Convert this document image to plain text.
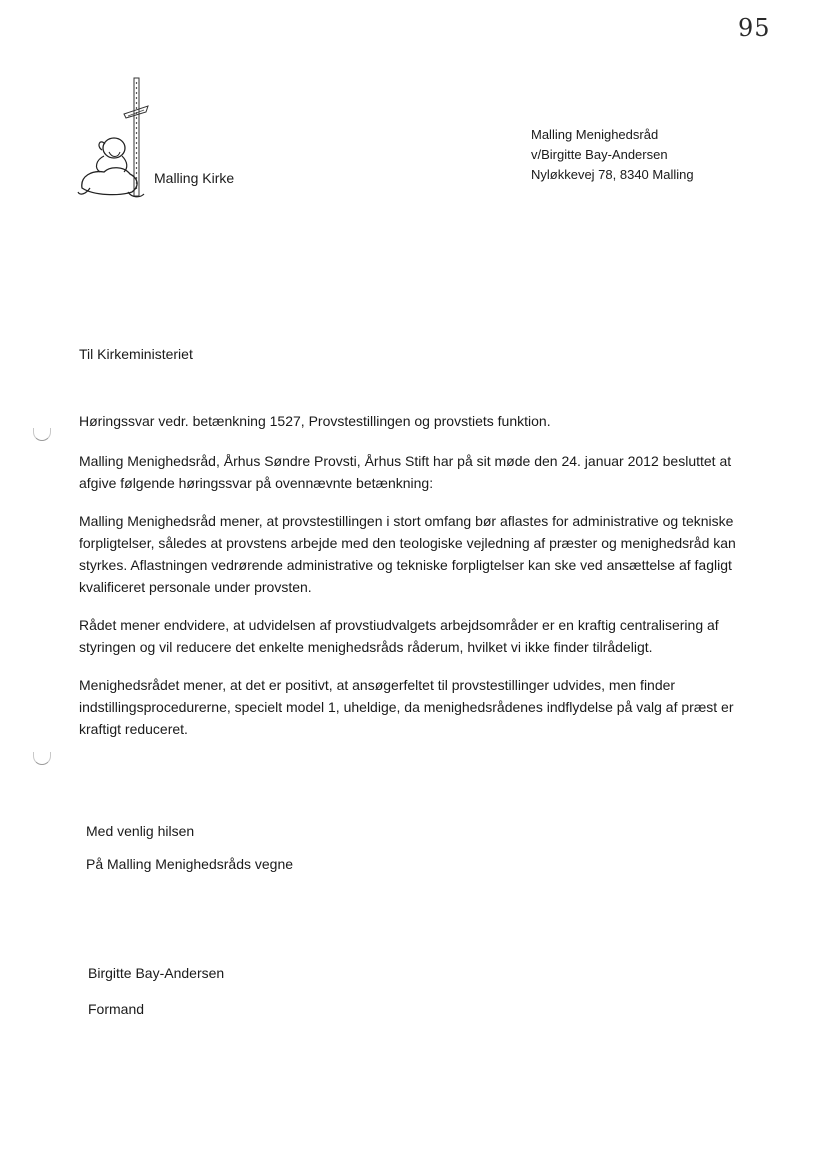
95
Malling Kirke
Malling Menighedsråd
v/Birgitte Bay-Andersen
Nyløkkevej 78, 8340 Malling
Til Kirkeministeriet

Høringssvar vedr. betænkning 1527, Provstestillingen og provstiets funktion.

Malling Menighedsråd, Århus Søndre Provsti, Århus Stift har på sit møde den 24. januar 2012 besluttet at afgive følgende høringssvar på ovennævnte betænkning:

Malling Menighedsråd mener, at provstestillingen i stort omfang bør aflastes for administrative og tekniske forpligtelser, således at provstens arbejde med den teologiske vejledning af præster og menighedsråd kan styrkes. Aflastningen vedrørende administrative og tekniske forpligtelser kan ske ved ansættelse af fagligt kvalificeret personale under provsten.

Rådet mener endvidere, at udvidelsen af provstiudvalgets arbejdsområder er en kraftig centralisering af styringen og vil reducere det enkelte menighedsråds råderum, hvilket vi ikke finder tilrådeligt.

Menighedsrådet mener, at det er positivt, at ansøgerfeltet til provstestillinger udvides, men finder indstillingsprocedurerne, specielt model 1, uheldige, da menighedsrådenes indflydelse på valg af præst er kraftigt reduceret.

Med venlig hilsen
På Malling Menighedsråds vegne
Birgitte Bay-Andersen
Formand
